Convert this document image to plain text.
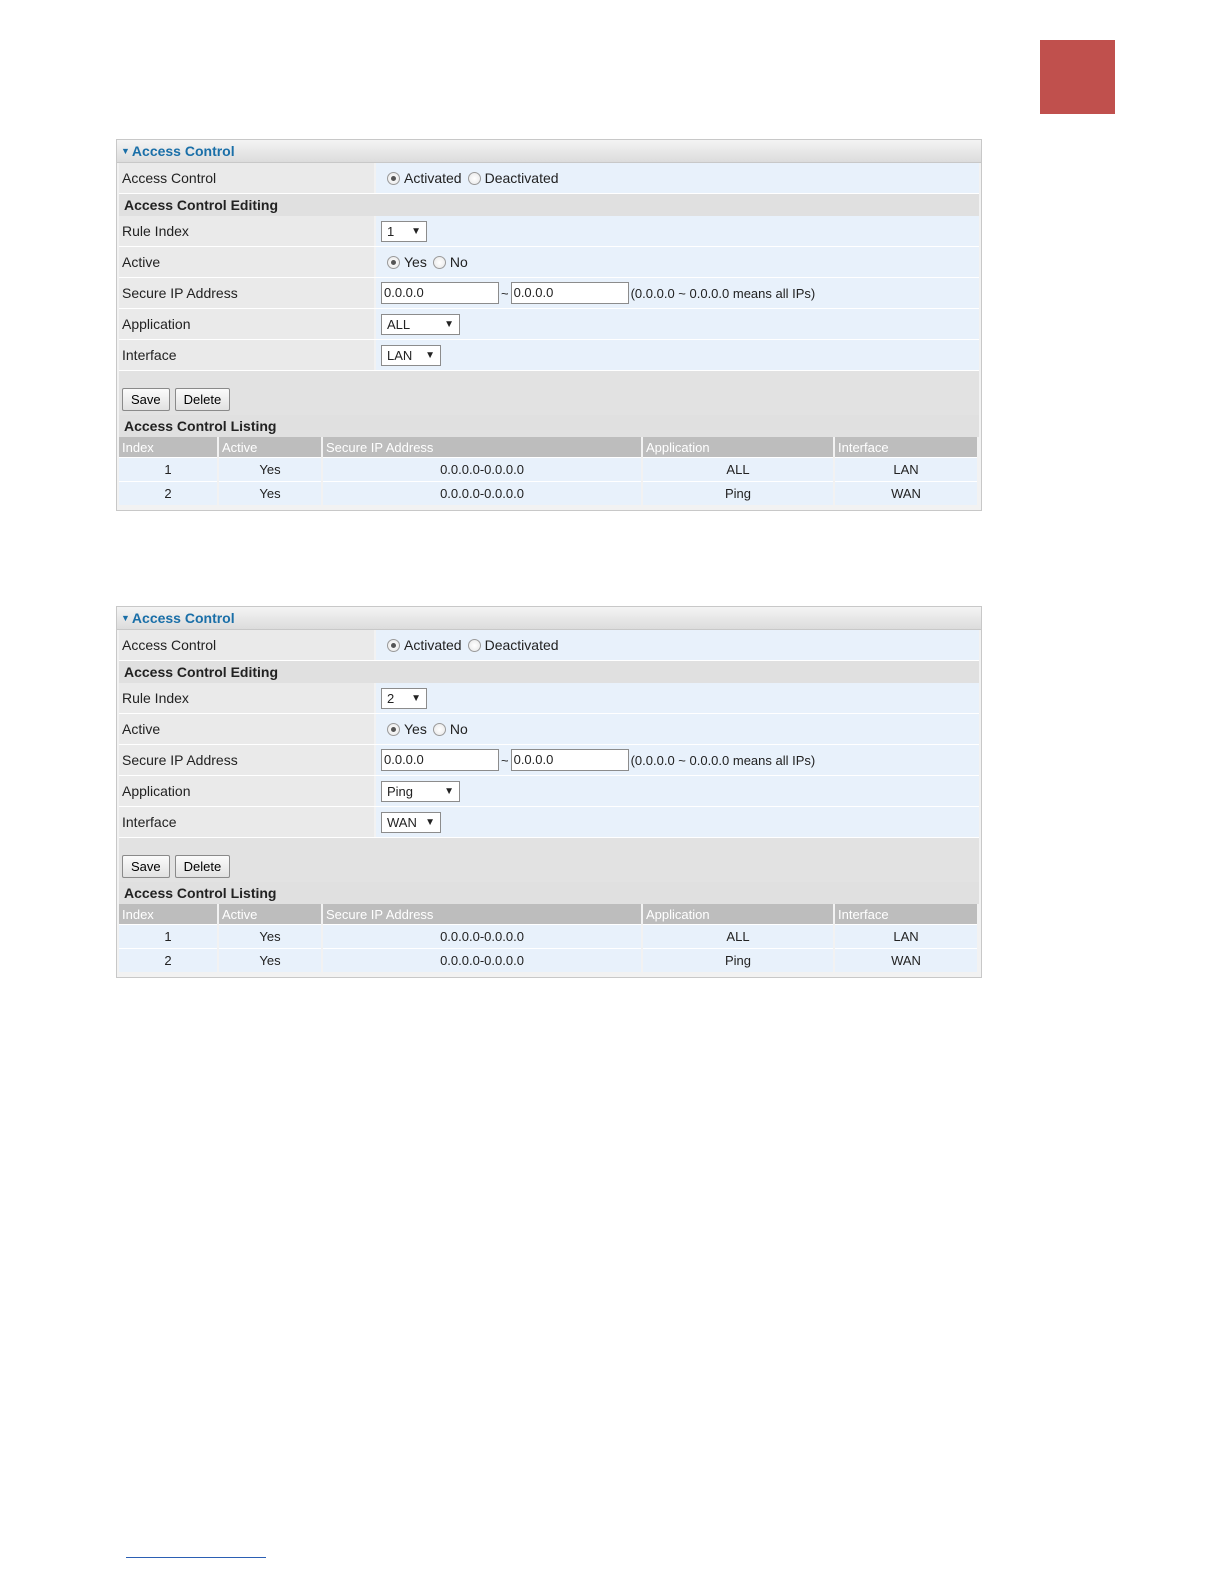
▼ Access Control
Access Control	Activated Deactivated
Access Control Editing
Rule Index	1 ▼
Active	Yes No
Secure IP Address	0.0.0.0	~ 0.0.0.0	(0.0.0.0 ~ 0.0.0.0 means all IPs)
Application	ALL	▼
Interface	LAN ▼
Save	Delete
Access Control Listing
Index	Active	Secure IP Address	Application	Interface
1	Yes	0.0.0.0-0.0.0.0	ALL	LAN
2	Yes	0.0.0.0-0.0.0.0	Ping	WAN
▼ Access Control
Access Control	Activated Deactivated
Access Control Editing
Rule Index	2 ▼
Active	Yes No
Secure IP Address	0.0.0.0	~ 0.0.0.0	(0.0.0.0 ~ 0.0.0.0 means all IPs)
Application	Ping	▼
Interface	WAN ▼
Save	Delete
Access Control Listing
Index	Active	Secure IP Address	Application	Interface
1	Yes	0.0.0.0-0.0.0.0	ALL	LAN
2	Yes	0.0.0.0-0.0.0.0	Ping	WAN
